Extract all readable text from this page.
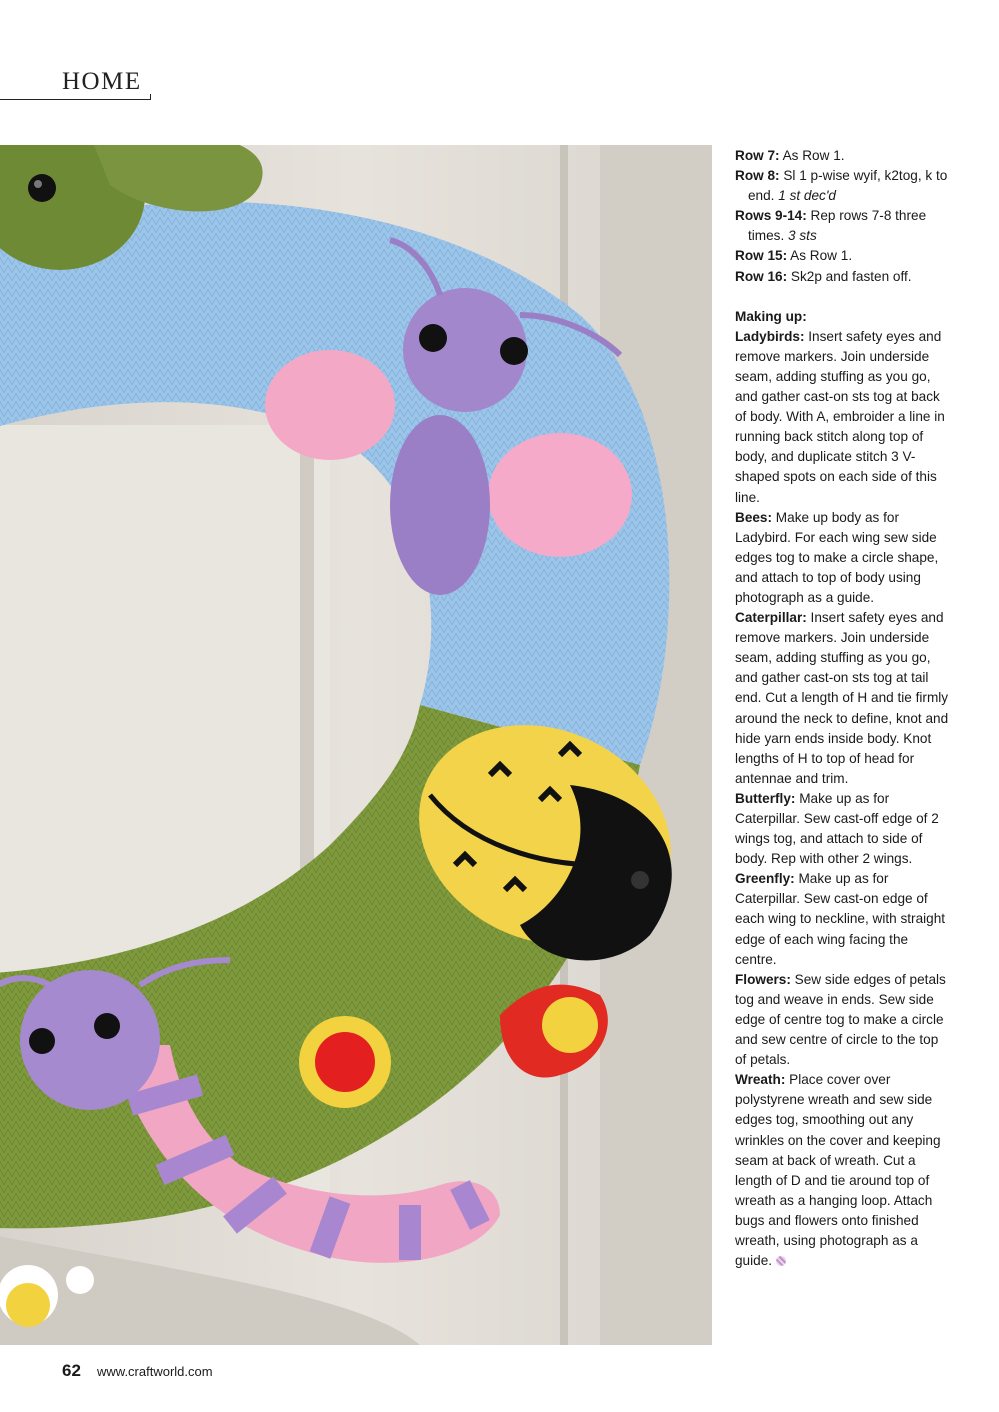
HOME

Row 7: As Row 1.

Row 8: Sl 1 p-wise wyif, k2tog, k to end. 1 st dec'd

Rows 9-14: Rep rows 7-8 three times. 3 sts

Row 15: As Row 1.

Row 16: Sk2p and fasten off.

Making up:

Ladybirds: Insert safety eyes and remove markers. Join underside seam, adding stuffing as you go, and gather cast-on sts tog at back of body. With A, embroider a line in running back stitch along top of body, and duplicate stitch 3 V-shaped spots on each side of this line.

Bees: Make up body as for Ladybird. For each wing sew side edges tog to make a circle shape, and attach to top of body using photograph as a guide.

Caterpillar: Insert safety eyes and remove markers. Join underside seam, adding stuffing as you go, and gather cast-on sts tog at tail end. Cut a length of H and tie firmly around the neck to define, knot and hide yarn ends inside body. Knot lengths of H to top of head for antennae and trim.

Butterfly: Make up as for Caterpillar. Sew cast-off edge of 2 wings tog, and attach to side of body. Rep with other 2 wings.

Greenfly: Make up as for Caterpillar. Sew cast-on edge of each wing to neckline, with straight edge of each wing facing the centre.

Flowers: Sew side edges of petals tog and weave in ends. Sew side edge of centre tog to make a circle and sew centre of circle to the top of petals.

Wreath: Place cover over polystyrene wreath and sew side edges tog, smoothing out any wrinkles on the cover and keeping seam at back of wreath. Cut a length of D and tie around top of wreath as a hanging loop. Attach bugs and flowers onto finished wreath, using photograph as a guide.

62 www.craftworld.com
